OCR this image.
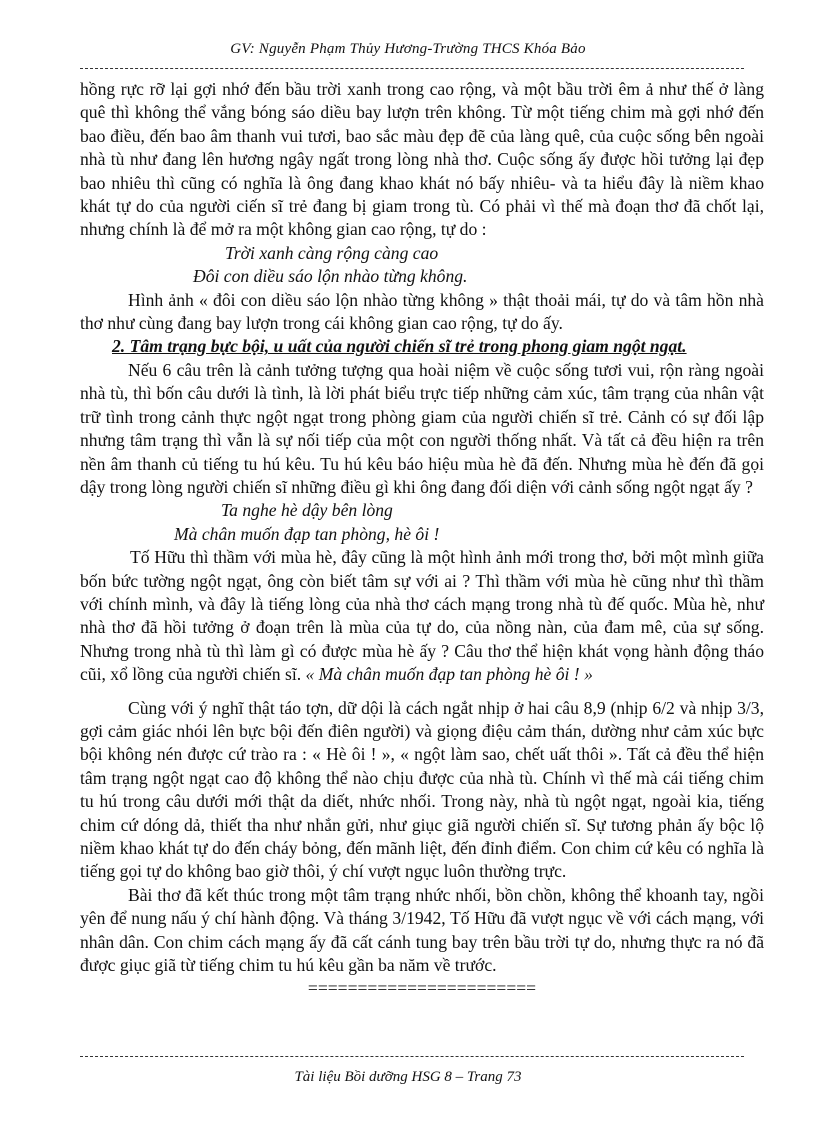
GV: Nguyễn Phạm Thủy Hương-Trường THCS Khóa Bảo

hồng rực rỡ lại gợi nhớ đến bầu trời xanh trong cao rộng, và một bầu trời êm ả như thế ở làng quê thì không thể vắng bóng sáo diều bay lượn trên không. Từ một tiếng chim mà gợi nhớ đến bao điều, đến bao âm thanh vui tươi, bao sắc màu đẹp đẽ của làng quê, của cuộc sống bên ngoài nhà tù như đang lên hương ngây ngất trong lòng nhà thơ. Cuộc sống ấy được hồi tưởng lại đẹp bao nhiêu thì cũng có nghĩa là ông đang khao khát nó bấy nhiêu- và ta hiểu đây là niềm khao khát tự do của người ciến sĩ trẻ đang bị giam trong tù. Có phải vì thế mà đoạn thơ đã chốt lại, nhưng chính là để mở ra một không gian cao rộng, tự do :

Trời xanh càng rộng càng cao

Đôi con diều sáo lộn nhào từng không.

Hình ảnh « đôi con diều sáo lộn nhào từng không » thật thoải mái, tự do và tâm hồn nhà thơ như cùng đang bay lượn trong cái không gian cao rộng, tự do ấy.

2. Tâm trạng bực bội, u uất của người chiến sĩ trẻ trong phong giam ngột ngạt.

Nếu 6 câu trên là cảnh tưởng tượng qua hoài niệm về cuộc sống tươi vui, rộn ràng ngoài nhà tù, thì bốn câu dưới là tình, là lời phát biểu trực tiếp những cảm xúc, tâm trạng của nhân vật trữ tình trong cảnh thực ngột ngạt trong phòng giam của người chiến sĩ trẻ. Cảnh có sự đối lập nhưng tâm trạng thì vẫn là sự nối tiếp của một con người thống nhất. Và tất cả đều hiện ra trên nền âm thanh củ tiếng tu hú kêu. Tu hú kêu báo hiệu mùa hè đã đến. Nhưng mùa hè đến đã gọi dậy trong lòng người chiến sĩ những điều gì khi ông đang đối diện với cảnh sống ngột ngạt ấy ?

Ta nghe hè dậy bên lòng

Mà chân muốn đạp tan phòng, hè ôi !

Tố Hữu thì thầm với mùa hè, đây cũng là một hình ảnh mới trong thơ, bởi một mình giữa bốn bức tường ngột ngạt, ông còn biết tâm sự với ai ? Thì thầm với mùa hè cũng như thì thầm với chính mình, và đây là tiếng lòng của nhà thơ cách mạng trong nhà tù đế quốc. Mùa hè, như nhà thơ đã hồi tưởng ở đoạn trên là mùa của tự do, của nồng nàn, của đam mê, của sự sống. Nhưng trong nhà tù thì làm gì có được mùa hè ấy ? Câu thơ thể hiện khát vọng hành động tháo cũi, xổ lồng của người chiến sĩ. « Mà chân muốn đạp tan phòng hè ôi ! »

Cùng với ý nghĩ thật táo tợn, dữ dội là cách ngắt nhịp ở hai câu 8,9 (nhịp 6/2 và nhịp 3/3, gợi cảm giác nhói lên bực bội đến điên người) và giọng điệu cảm thán, dường như cảm xúc bực bội không nén được cứ trào ra : « Hè ôi ! », « ngột làm sao, chết uất thôi ». Tất cả đều thể hiện tâm trạng ngột ngạt cao độ không thể nào chịu được của nhà tù. Chính vì thế mà cái tiếng chim tu hú trong câu dưới mới thật da diết, nhức nhối. Trong này, nhà tù ngột ngạt, ngoài kia, tiếng chim cứ dóng dả, thiết tha như nhắn gửi, như giục giã người chiến sĩ. Sự tương phản ấy bộc lộ niềm khao khát tự do đến cháy bỏng, đến mãnh liệt, đến đỉnh điểm. Con chim cứ kêu có nghĩa là tiếng gọi tự do không bao giờ thôi, ý chí vượt ngục luôn thường trực.

Bài thơ đã kết thúc trong một tâm trạng nhức nhối, bồn chồn, không thể khoanh tay, ngồi yên để nung nấu ý chí hành động. Và tháng 3/1942, Tố Hữu đã vượt ngục về với cách mạng, với nhân dân. Con chim cách mạng ấy đã cất cánh tung bay trên bầu trời tự do, nhưng thực ra nó đã được giục giã từ tiếng chim tu hú kêu gần ba năm về trước.

=======================

Tài liệu Bồi dưỡng HSG 8 – Trang 73
